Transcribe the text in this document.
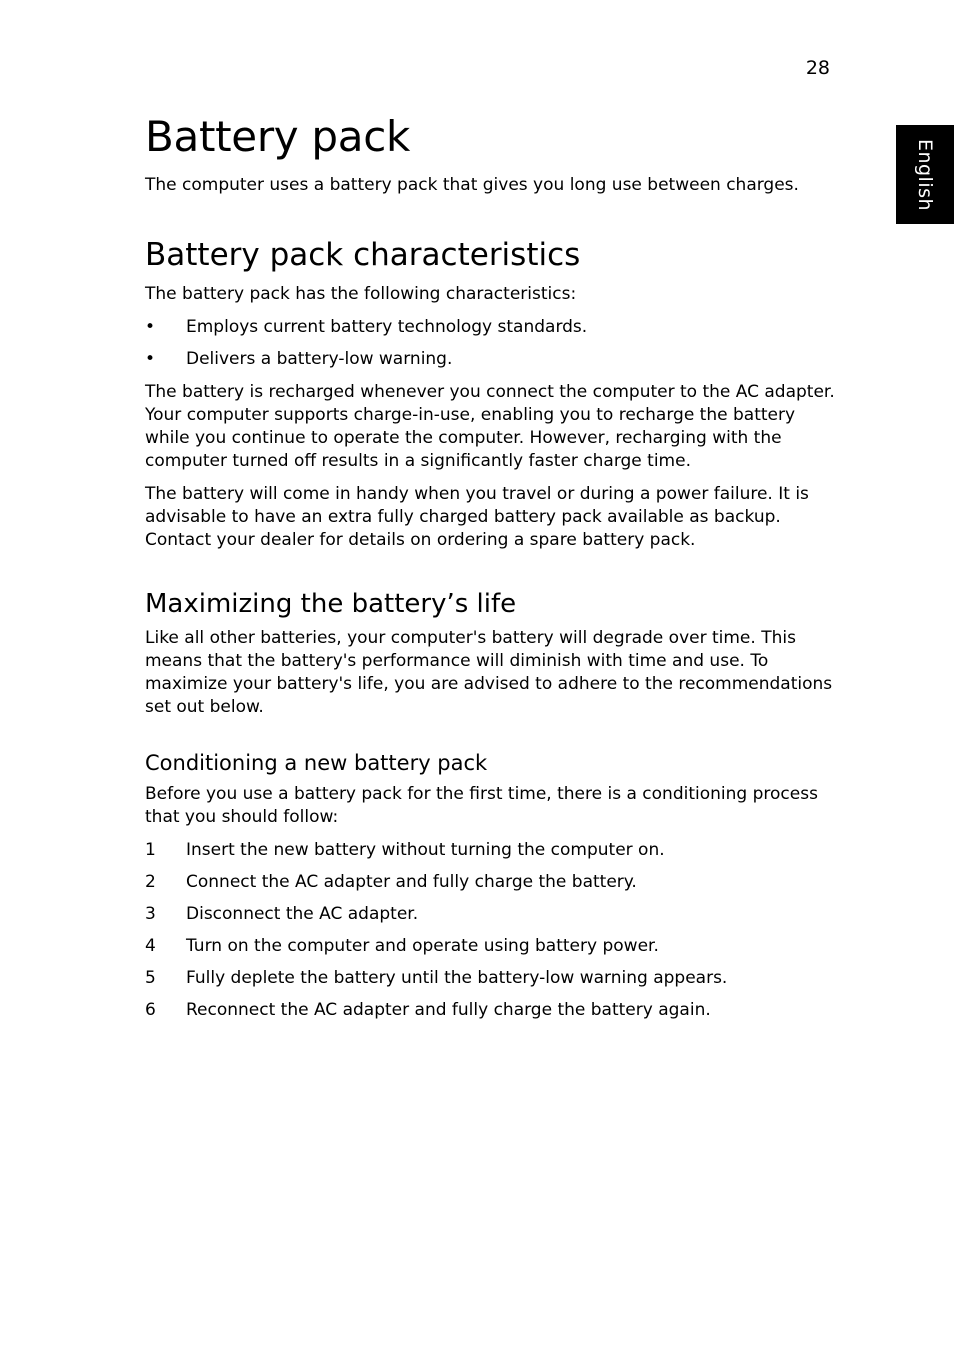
28
English
Battery pack

The computer uses a battery pack that gives you long use between charges.

Battery pack characteristics

The battery pack has the following characteristics:

• Employs current battery technology standards.
• Delivers a battery-low warning.

The battery is recharged whenever you connect the computer to the AC adapter. Your computer supports charge-in-use, enabling you to recharge the battery while you continue to operate the computer. However, recharging with the computer turned off results in a significantly faster charge time.

The battery will come in handy when you travel or during a power failure. It is advisable to have an extra fully charged battery pack available as backup. Contact your dealer for details on ordering a spare battery pack.

Maximizing the battery’s life

Like all other batteries, your computer's battery will degrade over time. This means that the battery's performance will diminish with time and use. To maximize your battery's life, you are advised to adhere to the recommendations set out below.

Conditioning a new battery pack

Before you use a battery pack for the first time, there is a conditioning process that you should follow:

1 Insert the new battery without turning the computer on.
2 Connect the AC adapter and fully charge the battery.
3 Disconnect the AC adapter.
4 Turn on the computer and operate using battery power.
5 Fully deplete the battery until the battery-low warning appears.
6 Reconnect the AC adapter and fully charge the battery again.
